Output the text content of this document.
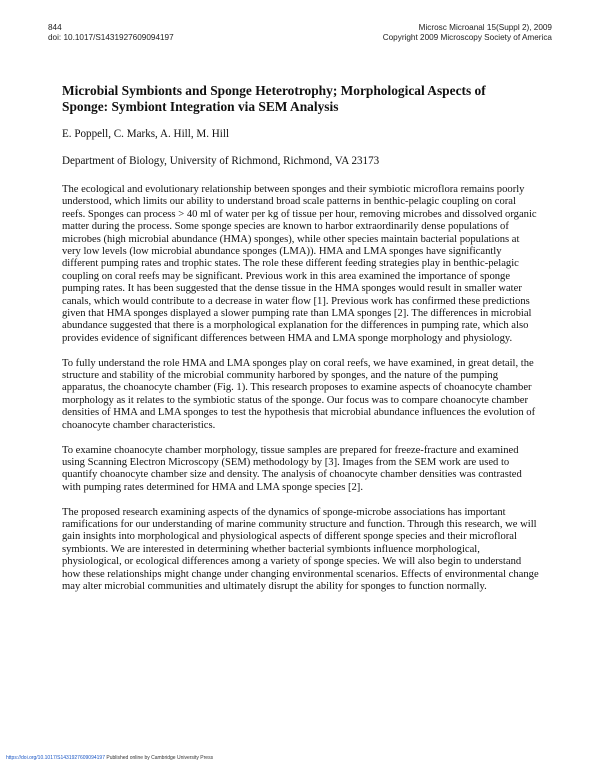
844
doi: 10.1017/S1431927609094197
Microsc Microanal 15(Suppl 2), 2009
Copyright 2009 Microscopy Society of America
Microbial Symbionts and Sponge Heterotrophy; Morphological Aspects of Sponge: Symbiont Integration via SEM Analysis
E. Poppell, C. Marks, A. Hill, M. Hill
Department of Biology, University of Richmond, Richmond, VA 23173

The ecological and evolutionary relationship between sponges and their symbiotic microflora remains poorly understood, which limits our ability to understand broad scale patterns in benthic-pelagic coupling on coral reefs. Sponges can process > 40 ml of water per kg of tissue per hour, removing microbes and dissolved organic matter during the process. Some sponge species are known to harbor extraordinarily dense populations of microbes (high microbial abundance (HMA) sponges), while other species maintain bacterial populations at very low levels (low microbial abundance sponges (LMA)). HMA and LMA sponges have significantly different pumping rates and trophic states. The role these different feeding strategies play in benthic-pelagic coupling on coral reefs may be significant. Previous work in this area examined the importance of sponge pumping rates. It has been suggested that the dense tissue in the HMA sponges would result in smaller water canals, which would contribute to a decrease in water flow [1]. Previous work has confirmed these predictions given that HMA sponges displayed a slower pumping rate than LMA sponges [2]. The differences in microbial abundance suggested that there is a morphological explanation for the differences in pumping rate, which also provides evidence of significant differences between HMA and LMA sponge morphology and physiology.

To fully understand the role HMA and LMA sponges play on coral reefs, we have examined, in great detail, the structure and stability of the microbial community harbored by sponges, and the nature of the pumping apparatus, the choanocyte chamber (Fig. 1). This research proposes to examine aspects of choanocyte chamber morphology as it relates to the symbiotic status of the sponge. Our focus was to compare choanocyte chamber densities of HMA and LMA sponges to test the hypothesis that microbial abundance influences the evolution of choanocyte chamber characteristics.

To examine choanocyte chamber morphology, tissue samples are prepared for freeze-fracture and examined using Scanning Electron Microscopy (SEM) methodology by [3]. Images from the SEM work are used to quantify choanocyte chamber size and density. The analysis of choanocyte chamber densities was contrasted with pumping rates determined for HMA and LMA sponge species [2].

The proposed research examining aspects of the dynamics of sponge-microbe associations has important ramifications for our understanding of marine community structure and function. Through this research, we will gain insights into morphological and physiological aspects of different sponge species and their microfloral symbionts. We are interested in determining whether bacterial symbionts influence morphological, physiological, or ecological differences among a variety of sponge species. We will also begin to understand how these relationships might change under changing environmental scenarios. Effects of environmental change may alter microbial communities and ultimately disrupt the ability for sponges to function normally.

https://doi.org/10.1017/S1431927609094197 Published online by Cambridge University Press
